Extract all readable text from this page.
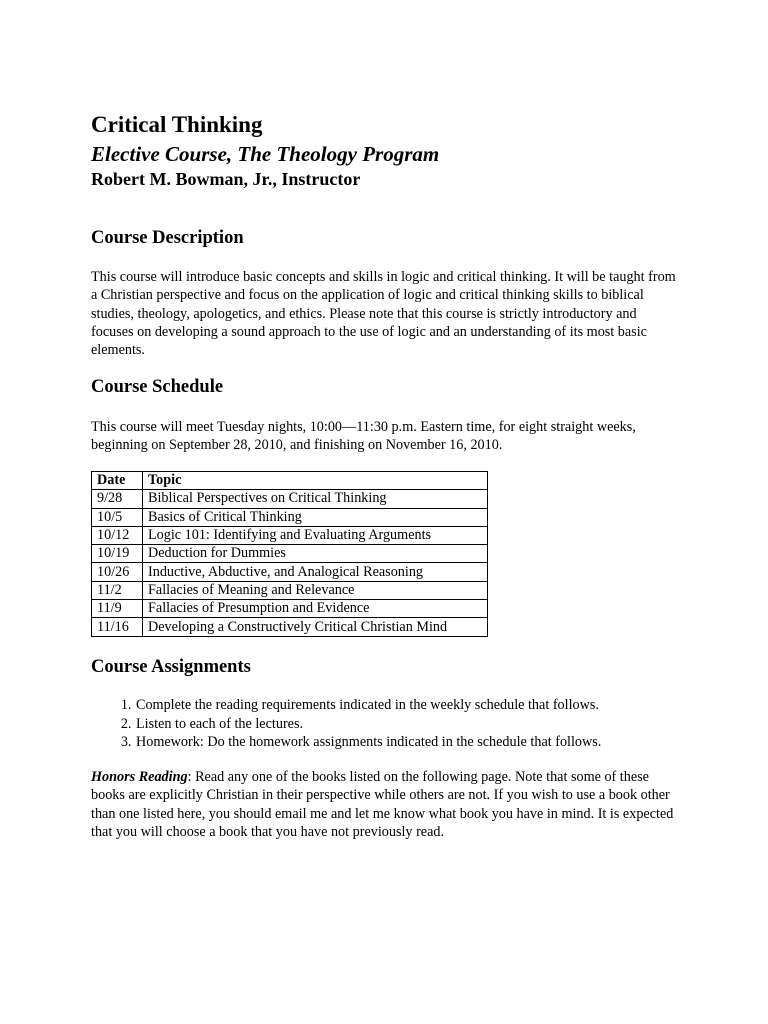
Critical Thinking
Elective Course, The Theology Program
Robert M. Bowman, Jr., Instructor
Course Description

This course will introduce basic concepts and skills in logic and critical thinking. It will be taught from a Christian perspective and focus on the application of logic and critical thinking skills to biblical studies, theology, apologetics, and ethics. Please note that this course is strictly introductory and focuses on developing a sound approach to the use of logic and an understanding of its most basic elements.

Course Schedule

This course will meet Tuesday nights, 10:00—11:30 p.m. Eastern time, for eight straight weeks, beginning on September 28, 2010, and finishing on November 16, 2010.

Date	Topic
9/28	Biblical Perspectives on Critical Thinking
10/5	Basics of Critical Thinking
10/12	Logic 101: Identifying and Evaluating Arguments
10/19	Deduction for Dummies
10/26	Inductive, Abductive, and Analogical Reasoning
11/2	Fallacies of Meaning and Relevance
11/9	Fallacies of Presumption and Evidence
11/16	Developing a Constructively Critical Christian Mind
Course Assignments
1. Complete the reading requirements indicated in the weekly schedule that follows.
2. Listen to each of the lectures.
3. Homework: Do the homework assignments indicated in the schedule that follows.

Honors Reading: Read any one of the books listed on the following page. Note that some of these books are explicitly Christian in their perspective while others are not. If you wish to use a book other than one listed here, you should email me and let me know what book you have in mind. It is expected that you will choose a book that you have not previously read.
